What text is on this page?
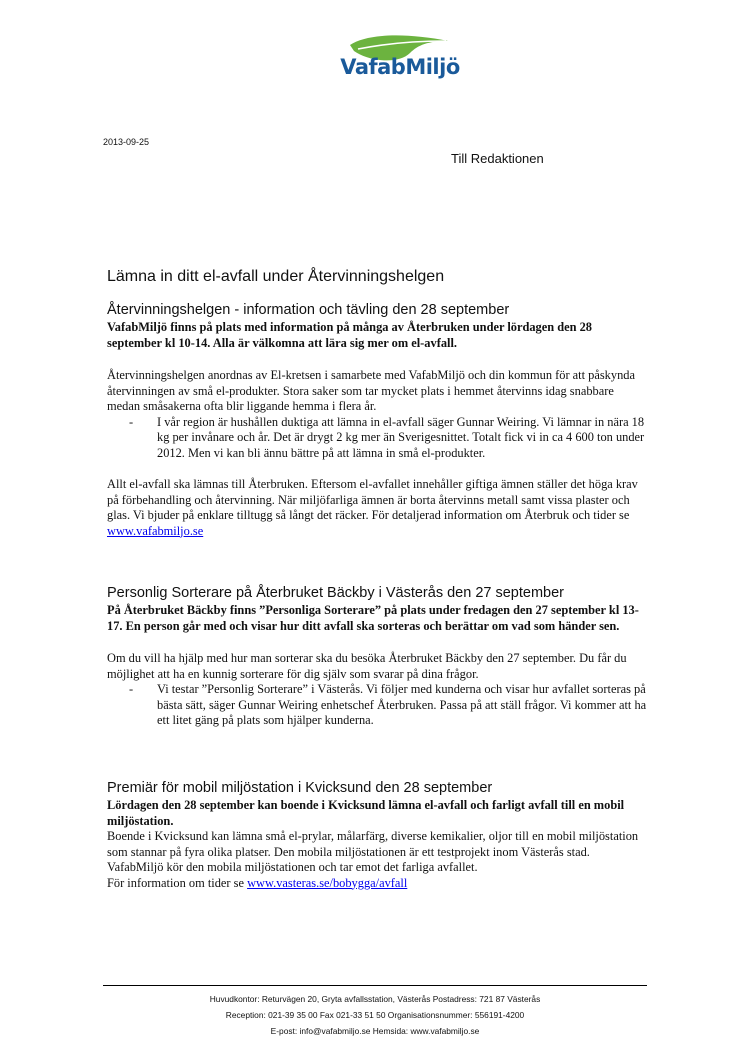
VafabMiljö
2013-09-25
Till Redaktionen
Lämna in ditt el-avfall under Återvinningshelgen

Återvinningshelgen - information och tävling den 28 september

VafabMiljö finns på plats med information på många av Återbruken under lördagen den 28 september kl 10-14. Alla är välkomna att lära sig mer om el-avfall.

Återvinningshelgen anordnas av El-kretsen i samarbete med VafabMiljö och din kommun för att påskynda återvinningen av små el-produkter. Stora saker som tar mycket plats i hemmet återvinns idag snabbare medan småsakerna ofta blir liggande hemma i flera år.

-	I vår region är hushållen duktiga att lämna in el-avfall säger Gunnar Weiring. Vi lämnar in nära 18 kg per invånare och år. Det är drygt 2 kg mer än Sverigesnittet. Totalt fick vi in ca 4 600 ton under 2012. Men vi kan bli ännu bättre på att lämna in små el-produkter.

Allt el-avfall ska lämnas till Återbruken. Eftersom el-avfallet innehåller giftiga ämnen ställer det höga krav på förbehandling och återvinning. När miljöfarliga ämnen är borta återvinns metall samt vissa plaster och glas. Vi bjuder på enklare tilltugg så långt det räcker. För detaljerad information om Återbruk och tider se www.vafabmiljo.se

Personlig Sorterare på Återbruket Bäckby i Västerås den 27 september

På Återbruket Bäckby finns ”Personliga Sorterare” på plats under fredagen den 27 september kl 13-17. En person går med och visar hur ditt avfall ska sorteras och berättar om vad som händer sen.

Om du vill ha hjälp med hur man sorterar ska du besöka Återbruket Bäckby den 27 september. Du får du möjlighet att ha en kunnig sorterare för dig själv som svarar på dina frågor.

-	Vi testar ”Personlig Sorterare” i Västerås. Vi följer med kunderna och visar hur avfallet sorteras på bästa sätt, säger Gunnar Weiring enhetschef Återbruken. Passa på att ställ frågor. Vi kommer att ha ett litet gäng på plats som hjälper kunderna.

Premiär för mobil miljöstation i Kvicksund den 28 september

Lördagen den 28 september kan boende i Kvicksund lämna el-avfall och farligt avfall till en mobil miljöstation.

Boende i Kvicksund kan lämna små el-prylar, målarfärg, diverse kemikalier, oljor till en mobil miljöstation som stannar på fyra olika platser. Den mobila miljöstationen är ett testprojekt inom Västerås stad. VafabMiljö kör den mobila miljöstationen och tar emot det farliga avfallet.

För information om tider se www.vasteras.se/bobygga/avfall

Huvudkontor: Returvägen 20, Gryta avfallsstation, Västerås Postadress: 721 87 Västerås
Reception: 021-39 35 00 Fax 021-33 51 50 Organisationsnummer: 556191-4200
E-post: info@vafabmiljo.se Hemsida: www.vafabmiljo.se
